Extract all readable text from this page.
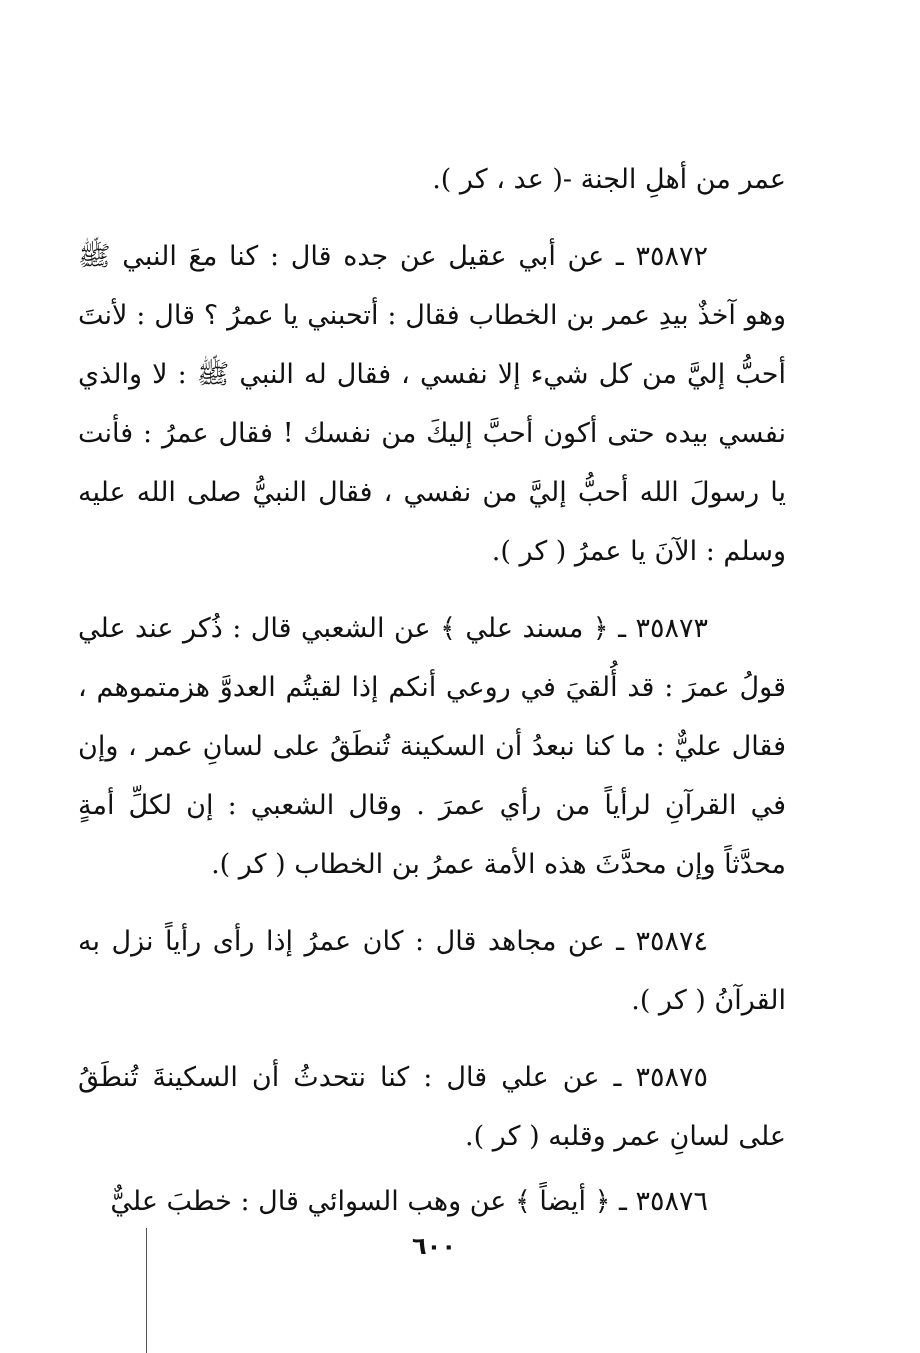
عمر من أهلِ الجنة -( عد ، كر ).

٣٥٨٧٢ ـ عن أبي عقيل عن جده قال : كنا معَ النبي ﷺ وهو آخذٌ بيدِ عمر بن الخطاب فقال : أتحبني يا عمرُ ؟ قال : لأنتَ أحبُّ إليَّ من كل شيء إلا نفسي ، فقال له النبي ﷺ : لا والذي نفسي بيده حتى أكون أحبَّ إليكَ من نفسك ! فقال عمرُ : فأنت يا رسولَ الله أحبُّ إليَّ من نفسي ، فقال النبيُّ صلى الله عليه وسلم : الآنَ يا عمرُ ( كر ).

٣٥٨٧٣ ـ ﴿ مسند علي ﴾ عن الشعبي قال : ذُكر عند علي قولُ عمرَ : قد أُلقيَ في روعي أنكم إذا لقيتُم العدوَّ هزمتموهم ، فقال عليٌّ : ما كنا نبعدُ أن السكينة تُنطَقُ على لسانِ عمر ، وإن في القرآنِ لرأياً من رأي عمرَ . وقال الشعبي : إن لكلِّ أمةٍ محدَّثاً وإن محدَّثَ هذه الأمة عمرُ بن الخطاب ( كر ).

٣٥٨٧٤ ـ عن مجاهد قال : كان عمرُ إذا رأى رأياً نزل به القرآنُ ( كر ).

٣٥٨٧٥ ـ عن علي قال : كنا نتحدثُ أن السكينةَ تُنطَقُ على لسانِ عمر وقلبه ( كر ).

٣٥٨٧٦ ـ ﴿ أيضاً ﴾ عن وهب السوائي قال : خطبَ عليٌّ

٦٠٠
